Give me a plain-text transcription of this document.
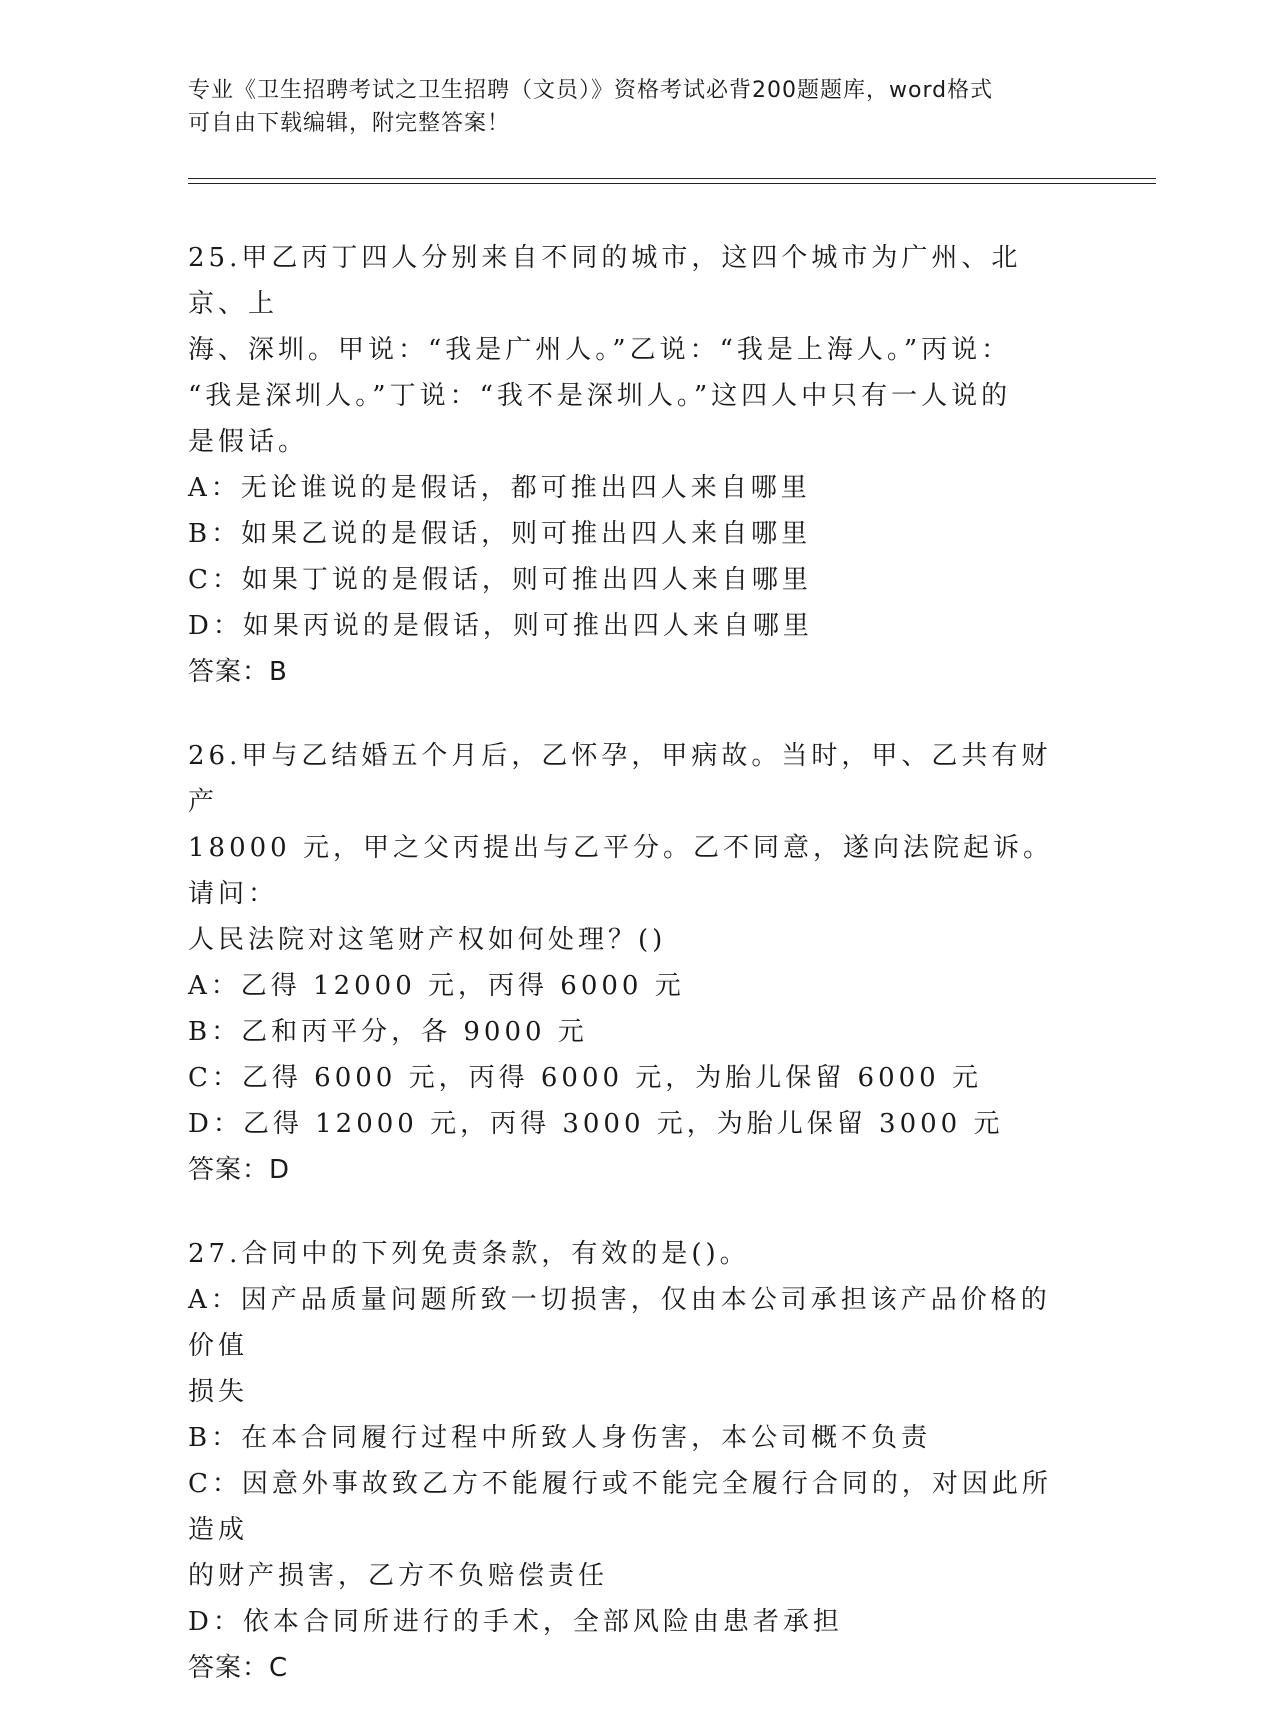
专业《卫生招聘考试之卫生招聘（文员）》资格考试必背200题题库，word格式
可自由下载编辑，附完整答案！

25.甲乙丙丁四人分别来自不同的城市，这四个城市为广州、北京、上

海、深圳。甲说：“我是广州人。”乙说：“我是上海人。”丙说：

“我是深圳人。”丁说：“我不是深圳人。”这四人中只有一人说的

是假话。

A：无论谁说的是假话，都可推出四人来自哪里

B：如果乙说的是假话，则可推出四人来自哪里

C：如果丁说的是假话，则可推出四人来自哪里

D：如果丙说的是假话，则可推出四人来自哪里

答案：B

26.甲与乙结婚五个月后，乙怀孕，甲病故。当时，甲、乙共有财产

18000 元，甲之父丙提出与乙平分。乙不同意，遂向法院起诉。请问：

人民法院对这笔财产权如何处理？()

A：乙得 12000 元，丙得 6000 元

B：乙和丙平分，各 9000 元

C：乙得 6000 元，丙得 6000 元，为胎儿保留 6000 元

D：乙得 12000 元，丙得 3000 元，为胎儿保留 3000 元

答案：D

27.合同中的下列免责条款，有效的是()。

A：因产品质量问题所致一切损害，仅由本公司承担该产品价格的价值

损失

B：在本合同履行过程中所致人身伤害，本公司概不负责

C：因意外事故致乙方不能履行或不能完全履行合同的，对因此所造成

的财产损害，乙方不负赔偿责任

D：依本合同所进行的手术，全部风险由患者承担

答案：C
